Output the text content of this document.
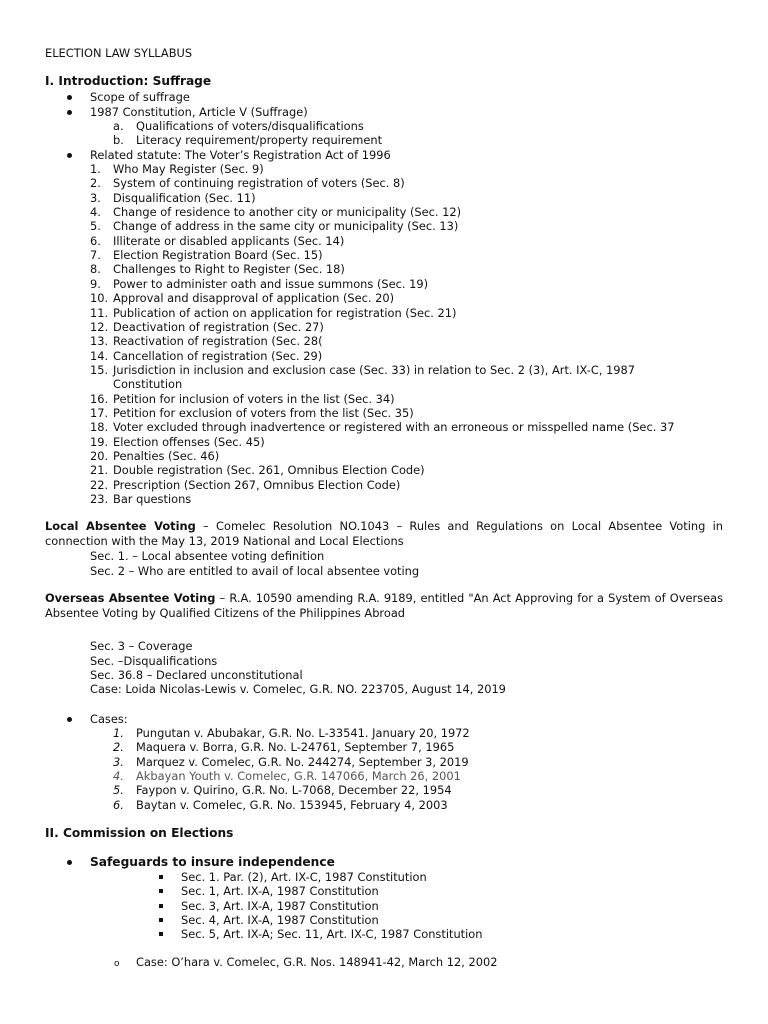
ELECTION LAW SYLLABUS
I. Introduction: Suffrage
Scope of suffrage
1987 Constitution, Article V (Suffrage)
a. Qualifications of voters/disqualifications
b. Literacy requirement/property requirement
Related statute: The Voter’s Registration Act of 1996
1. Who May Register (Sec. 9)
2. System of continuing registration of voters (Sec. 8)
3. Disqualification (Sec. 11)
4. Change of residence to another city or municipality (Sec. 12)
5. Change of address in the same city or municipality (Sec. 13)
6. Illiterate or disabled applicants (Sec. 14)
7. Election Registration Board (Sec. 15)
8. Challenges to Right to Register (Sec. 18)
9. Power to administer oath and issue summons (Sec. 19)
10. Approval and disapproval of application (Sec. 20)
11. Publication of action on application for registration (Sec. 21)
12. Deactivation of registration (Sec. 27)
13. Reactivation of registration (Sec. 28(
14. Cancellation of registration (Sec. 29)
15. Jurisdiction in inclusion and exclusion case (Sec. 33) in relation to Sec. 2 (3), Art. IX-C, 1987
Constitution
16. Petition for inclusion of voters in the list (Sec. 34)
17. Petition for exclusion of voters from the list (Sec. 35)
18. Voter excluded through inadvertence or registered with an erroneous or misspelled name (Sec. 37
19. Election offenses (Sec. 45)
20. Penalties (Sec. 46)
21. Double registration (Sec. 261, Omnibus Election Code)
22. Prescription (Section 267, Omnibus Election Code)
23. Bar questions
Local Absentee Voting – Comelec Resolution NO.1043 – Rules and Regulations on Local Absentee Voting in connection with the May 13, 2019 National and Local Elections
Sec. 1. – Local absentee voting definition
Sec. 2 – Who are entitled to avail of local absentee voting
Overseas Absentee Voting – R.A. 10590 amending R.A. 9189, entitled "An Act Approving for a System of Overseas Absentee Voting by Qualified Citizens of the Philippines Abroad
Sec. 3 – Coverage
Sec. –Disqualifications
Sec. 36.8 – Declared unconstitutional
Case: Loida Nicolas-Lewis v. Comelec, G.R. NO. 223705, August 14, 2019
Cases:
1. Pungutan v. Abubakar, G.R. No. L-33541. January 20, 1972
2. Maquera v. Borra, G.R. No. L-24761, September 7, 1965
3. Marquez v. Comelec, G.R. No. 244274, September 3, 2019
4. Akbayan Youth v. Comelec, G.R. 147066, March 26, 2001
5. Faypon v. Quirino, G.R. No. L-7068, December 22, 1954
6. Baytan v. Comelec, G.R. No. 153945, February 4, 2003
II. Commission on Elections
Safeguards to insure independence
Sec. 1. Par. (2), Art. IX-C, 1987 Constitution
Sec. 1, Art. IX-A, 1987 Constitution
Sec. 3, Art. IX-A, 1987 Constitution
Sec. 4, Art. IX-A, 1987 Constitution
Sec. 5, Art. IX-A; Sec. 11, Art. IX-C, 1987 Constitution
o Case: O’hara v. Comelec, G.R. Nos. 148941-42, March 12, 2002
